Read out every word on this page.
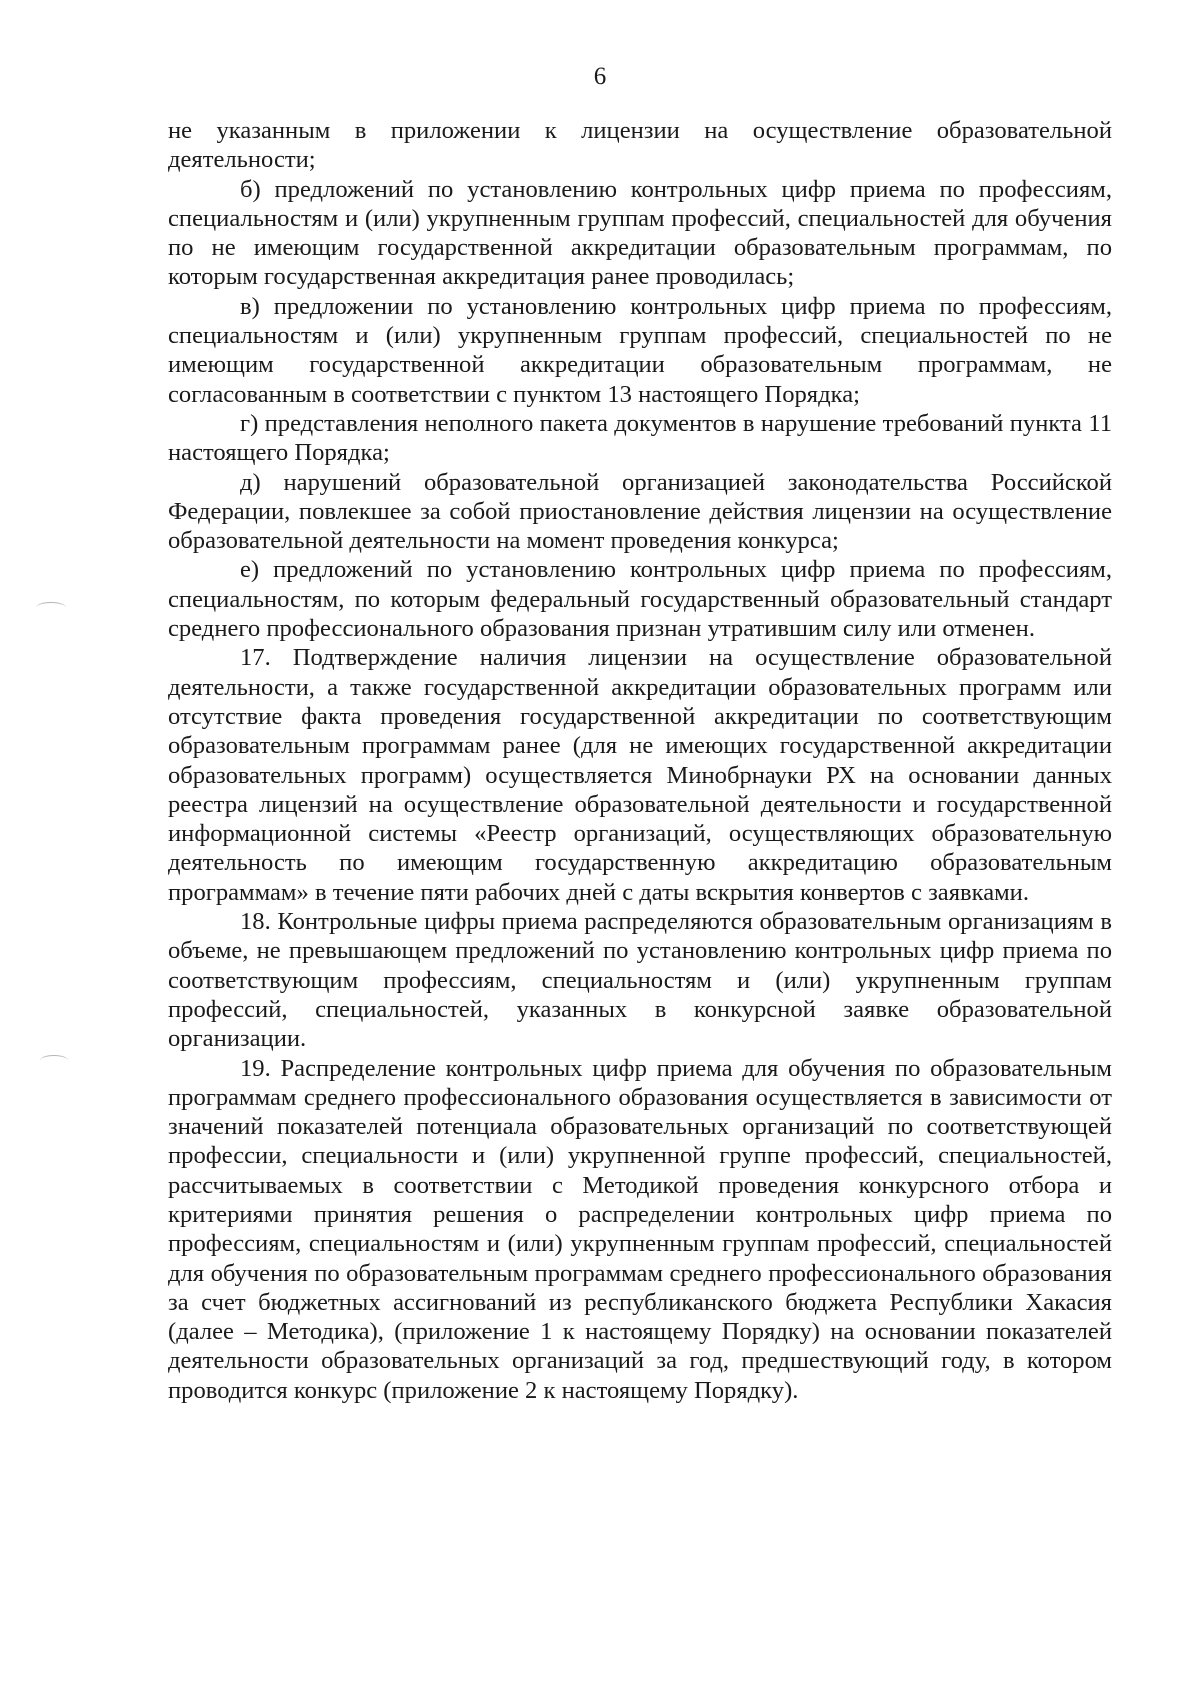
6

не указанным в приложении к лицензии на осуществление образовательной деятельности;

б) предложений по установлению контрольных цифр приема по профессиям, специальностям и (или) укрупненным группам профессий, специальностей для обучения по не имеющим государственной аккредитации образовательным программам, по которым государственная аккредитация ранее проводилась;

в) предложении по установлению контрольных цифр приема по профессиям, специальностям и (или) укрупненным группам профессий, специальностей по не имеющим государственной аккредитации образовательным программам, не согласованным в соответствии с пунктом 13 настоящего Порядка;

г) представления неполного пакета документов в нарушение требований пункта 11 настоящего Порядка;

д) нарушений образовательной организацией законодательства Российской Федерации, повлекшее за собой приостановление действия лицензии на осуществление образовательной деятельности на момент проведения конкурса;

е) предложений по установлению контрольных цифр приема по профессиям, специальностям, по которым федеральный государственный образовательный стандарт среднего профессионального образования признан утратившим силу или отменен.

17. Подтверждение наличия лицензии на осуществление образовательной деятельности, а также государственной аккредитации образовательных программ или отсутствие факта проведения государственной аккредитации по соответствующим образовательным программам ранее (для не имеющих государственной аккредитации образовательных программ) осуществляется Минобрнауки РХ на основании данных реестра лицензий на осуществление образовательной деятельности и государственной информационной системы «Реестр организаций, осуществляющих образовательную деятельность по имеющим государственную аккредитацию образовательным программам» в течение пяти рабочих дней с даты вскрытия конвертов с заявками.

18. Контрольные цифры приема распределяются образовательным организациям в объеме, не превышающем предложений по установлению контрольных цифр приема по соответствующим профессиям, специальностям и (или) укрупненным группам профессий, специальностей, указанных в конкурсной заявке образовательной организации.

19. Распределение контрольных цифр приема для обучения по образовательным программам среднего профессионального образования осуществляется в зависимости от значений показателей потенциала образовательных организаций по соответствующей профессии, специальности и (или) укрупненной группе профессий, специальностей, рассчитываемых в соответствии с Методикой проведения конкурсного отбора и критериями принятия решения о распределении контрольных цифр приема по профессиям, специальностям и (или) укрупненным группам профессий, специальностей для обучения по образовательным программам среднего профессионального образования за счет бюджетных ассигнований из республиканского бюджета Республики Хакасия (далее – Методика), (приложение 1 к настоящему Порядку) на основании показателей деятельности образовательных организаций за год, предшествующий году, в котором проводится конкурс (приложение 2 к настоящему Порядку).
